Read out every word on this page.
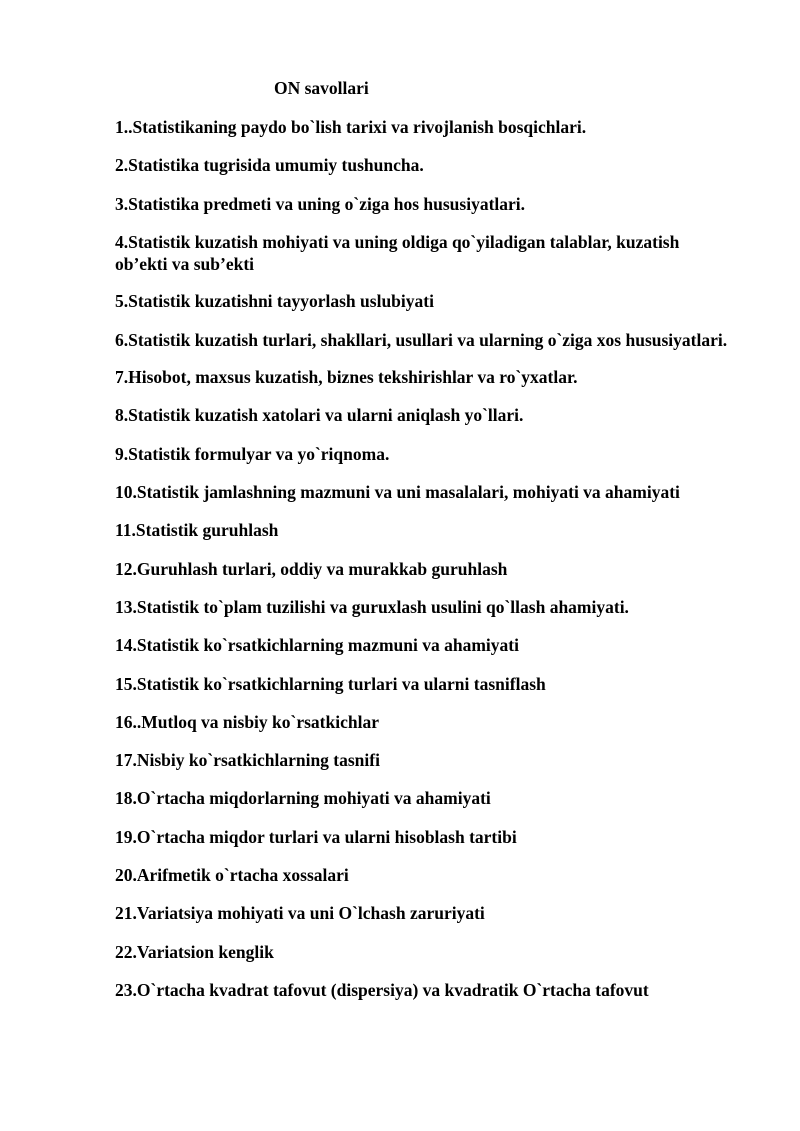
ON savollari
1..Statistikaning paydo bo`lish tarixi va rivojlanish bosqichlari.
2.Statistika tugrisida umumiy tushuncha.
3.Statistika predmeti va uning o`ziga hos hususiyatlari.
4.Statistik kuzatish mohiyati va uning oldiga qo`yiladigan talablar, kuzatish ob’ekti va sub’ekti
5.Statistik kuzatishni tayyorlash uslubiyati
6.Statistik kuzatish turlari, shakllari, usullari va ularning o`ziga xos hususiyatlari.
7.Hisobot, maxsus kuzatish, biznes tekshirishlar va ro`yxatlar.
8.Statistik kuzatish xatolari va ularni aniqlash yo`llari.
9.Statistik formulyar va yo`riqnoma.
10.Statistik jamlashning mazmuni va uni masalalari, mohiyati va ahamiyati
11.Statistik guruhlash
12.Guruhlash turlari, oddiy va murakkab guruhlash
13.Statistik to`plam tuzilishi va guruxlash usulini qo`llash ahamiyati.
14.Statistik ko`rsatkichlarning mazmuni va ahamiyati
15.Statistik ko`rsatkichlarning turlari va ularni tasniflash
16..Mutloq va nisbiy ko`rsatkichlar
17.Nisbiy ko`rsatkichlarning tasnifi
18.O`rtacha miqdorlarning mohiyati va ahamiyati
19.O`rtacha miqdor turlari va ularni hisoblash tartibi
20.Arifmetik o`rtacha xossalari
21.Variatsiya mohiyati va uni O`lchash zaruriyati
22.Variatsion kenglik
23.O`rtacha kvadrat tafovut (dispersiya) va kvadratik O`rtacha tafovut
